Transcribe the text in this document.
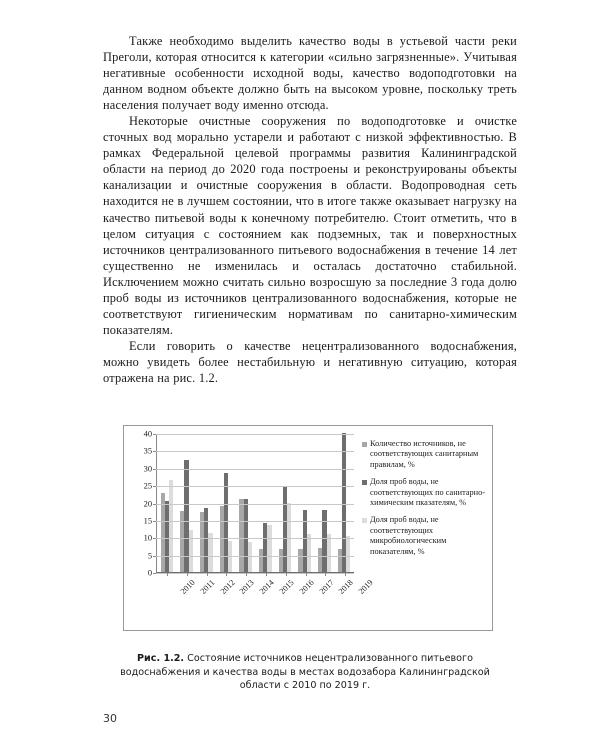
Также необходимо выделить качество воды в устьевой части реки Преголи, которая относится к категории «сильно загрязненные». Учитывая негативные особенности исходной воды, качество водоподготовки на данном водном объекте должно быть на высоком уровне, поскольку треть населения получает воду именно отсюда.

Некоторые очистные сооружения по водоподготовке и очистке сточных вод морально устарели и работают с низкой эффективностью. В рамках Федеральной целевой программы развития Калининградской области на период до 2020 года построены и реконструированы объекты канализации и очистные сооружения в области. Водопроводная сеть находится не в лучшем состоянии, что в итоге также оказывает нагрузку на качество питьевой воды к конечному потребителю. Стоит отметить, что в целом ситуация с состоянием как подземных, так и поверхностных источников централизованного питьевого водоснабжения в течение 14 лет существенно не изменилась и осталась достаточно стабильной. Исключением можно считать сильно возросшую за последние 3 года долю проб воды из источников централизованного водоснабжения, которые не соответствуют гигиеническим нормативам по санитарно-химическим показателям.

Если говорить о качестве нецентрализованного водоснабжения, можно увидеть более нестабильную и негативную ситуацию, которая отражена на рис. 1.2.

0
5
10
15
20
25
30
35
40
2010 2011 2012 2013 2014 2015 2016 2017 2018 2019
Количество источников, не соответствующих санитарным правилам, %
Доля проб воды, не соответствующих по санитарно-химическим пказателям, %
Доля проб воды, не соответствующих микробиологическим показателям, %
Рис. 1.2. Состояние источников нецентрализованного питьевого водоснабжения и качества воды в местах водозабора Калининградской области с 2010 по 2019 г.
30
